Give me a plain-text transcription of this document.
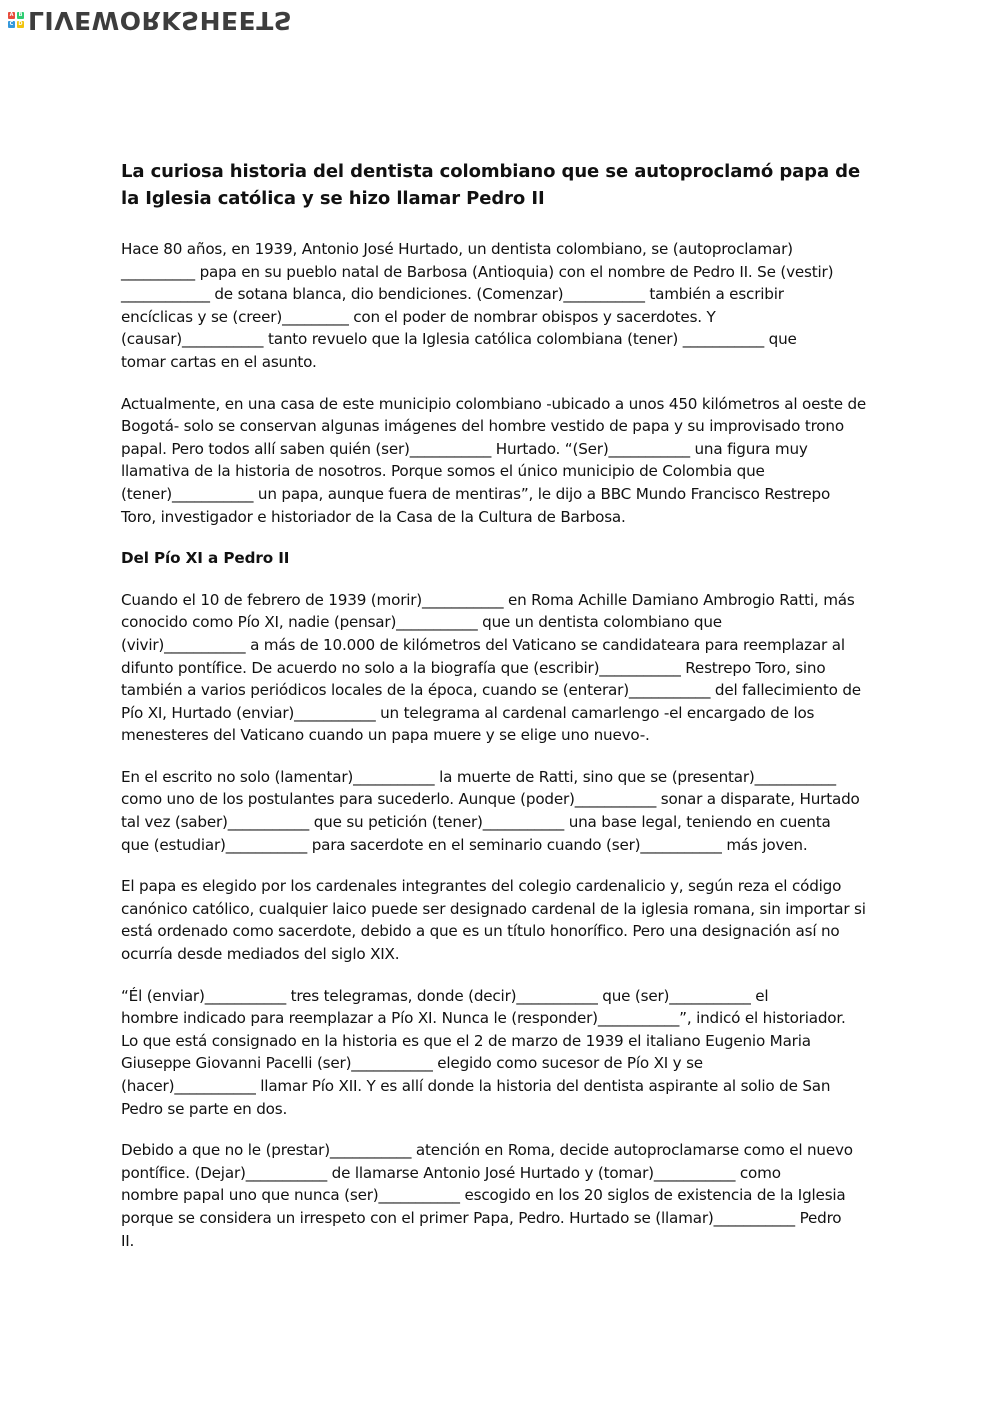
A	B
C	D LIVEWORKSHEETS
La curiosa historia del dentista colombiano que se autoproclamó papa de
la Iglesia católica y se hizo llamar Pedro II
Hace 80 años, en 1939, Antonio José Hurtado, un dentista colombiano, se (autoproclamar)
__________ papa en su pueblo natal de Barbosa (Antioquia) con el nombre de Pedro II. Se (vestir)
____________ de sotana blanca, dio bendiciones. (Comenzar)___________ también a escribir
encíclicas y se (creer)_________ con el poder de nombrar obispos y sacerdotes. Y
(causar)___________ tanto revuelo que la Iglesia católica colombiana (tener) ___________ que
tomar cartas en el asunto.
Actualmente, en una casa de este municipio colombiano -ubicado a unos 450 kilómetros al oeste de
Bogotá- solo se conservan algunas imágenes del hombre vestido de papa y su improvisado trono
papal. Pero todos allí saben quién (ser)___________ Hurtado. “(Ser)___________ una figura muy
llamativa de la historia de nosotros. Porque somos el único municipio de Colombia que
(tener)___________ un papa, aunque fuera de mentiras”, le dijo a BBC Mundo Francisco Restrepo
Toro, investigador e historiador de la Casa de la Cultura de Barbosa.
Del Pío XI a Pedro II
Cuando el 10 de febrero de 1939 (morir)___________ en Roma Achille Damiano Ambrogio Ratti, más
conocido como Pío XI, nadie (pensar)___________ que un dentista colombiano que
(vivir)___________ a más de 10.000 de kilómetros del Vaticano se candidateara para reemplazar al
difunto pontífice. De acuerdo no solo a la biografía que (escribir)___________ Restrepo Toro, sino
también a varios periódicos locales de la época, cuando se (enterar)___________ del fallecimiento de
Pío XI, Hurtado (enviar)___________ un telegrama al cardenal camarlengo -el encargado de los
menesteres del Vaticano cuando un papa muere y se elige uno nuevo-.
En el escrito no solo (lamentar)___________ la muerte de Ratti, sino que se (presentar)___________
como uno de los postulantes para sucederlo. Aunque (poder)___________ sonar a disparate, Hurtado
tal vez (saber)___________ que su petición (tener)___________ una base legal, teniendo en cuenta
que (estudiar)___________ para sacerdote en el seminario cuando (ser)___________ más joven.
El papa es elegido por los cardenales integrantes del colegio cardenalicio y, según reza el código
canónico católico, cualquier laico puede ser designado cardenal de la iglesia romana, sin importar si
está ordenado como sacerdote, debido a que es un título honorífico. Pero una designación así no
ocurría desde mediados del siglo XIX.
“Él (enviar)___________ tres telegramas, donde (decir)___________ que (ser)___________ el
hombre indicado para reemplazar a Pío XI. Nunca le (responder)___________”, indicó el historiador.
Lo que está consignado en la historia es que el 2 de marzo de 1939 el italiano Eugenio Maria
Giuseppe Giovanni Pacelli (ser)___________ elegido como sucesor de Pío XI y se
(hacer)___________ llamar Pío XII. Y es allí donde la historia del dentista aspirante al solio de San
Pedro se parte en dos.
Debido a que no le (prestar)___________ atención en Roma, decide autoproclamarse como el nuevo
pontífice. (Dejar)___________ de llamarse Antonio José Hurtado y (tomar)___________ como
nombre papal uno que nunca (ser)___________ escogido en los 20 siglos de existencia de la Iglesia
porque se considera un irrespeto con el primer Papa, Pedro. Hurtado se (llamar)___________ Pedro
II.
